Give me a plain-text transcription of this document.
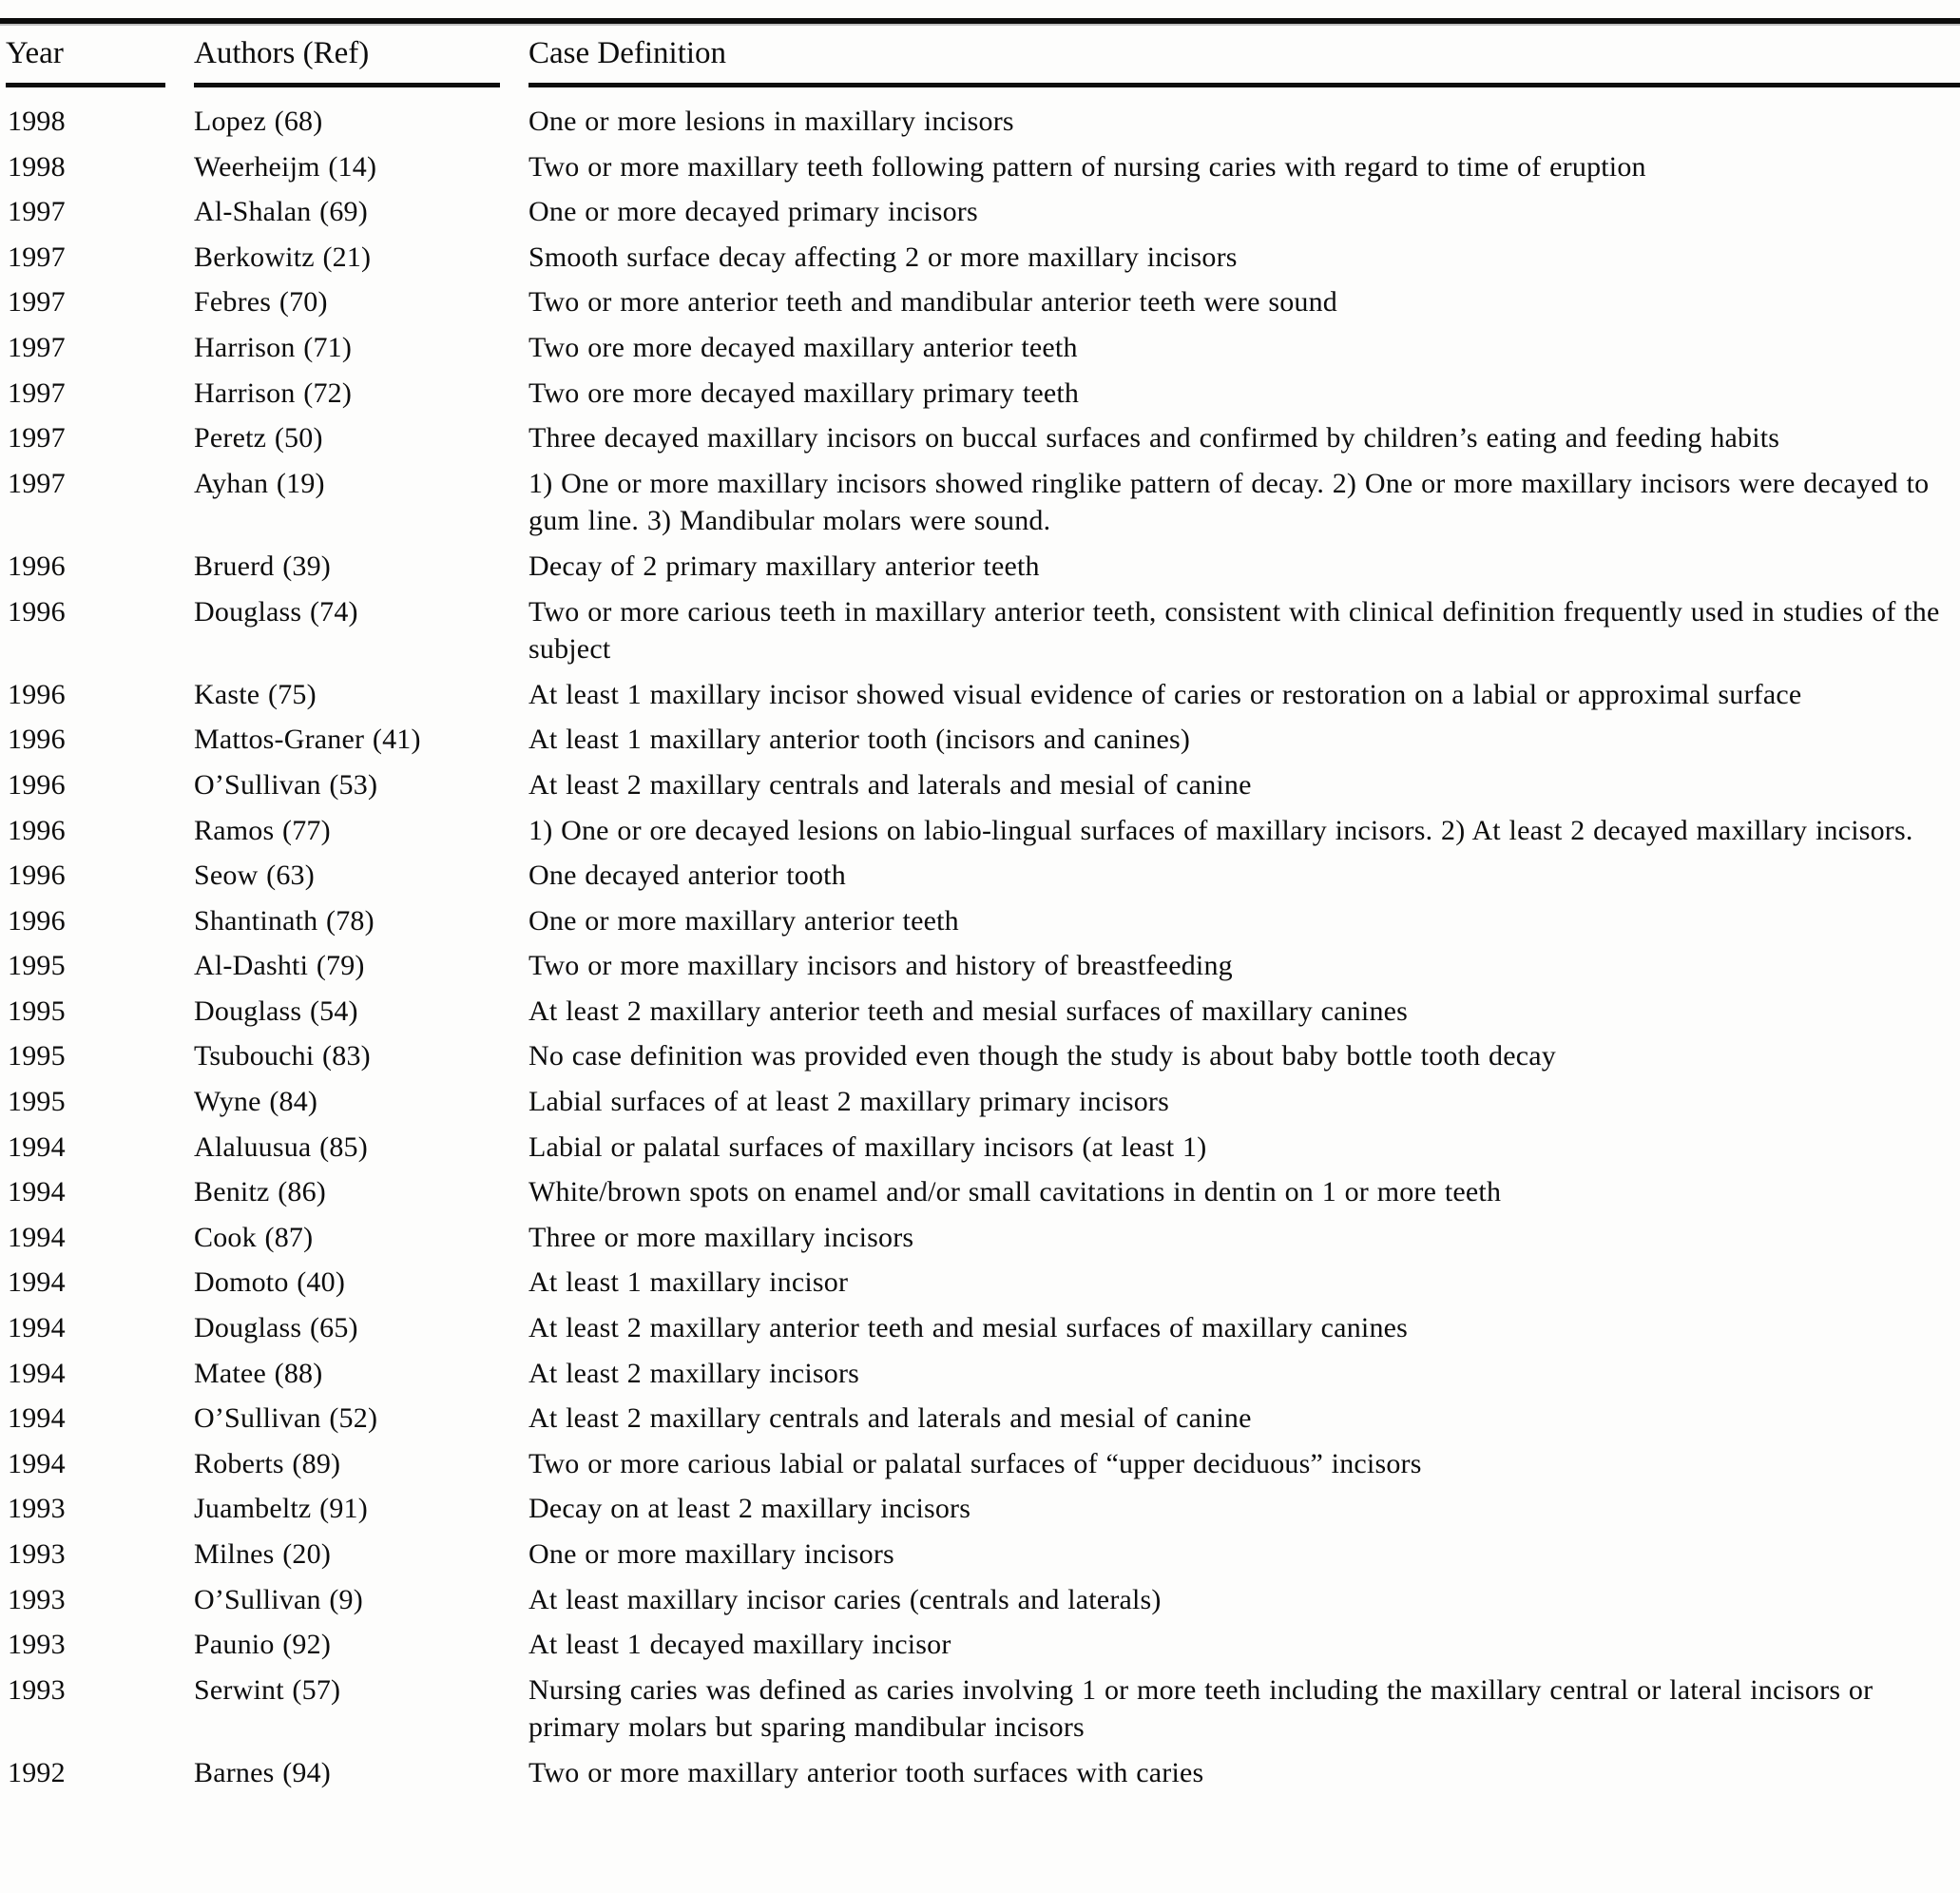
Year	Authors (Ref)	Case Definition

1998	Lopez (68)	One or more lesions in maxillary incisors
1998	Weerheijm (14)	Two or more maxillary teeth following pattern of nursing caries with regard to time of eruption
1997	Al-Shalan (69)	One or more decayed primary incisors
1997	Berkowitz (21)	Smooth surface decay affecting 2 or more maxillary incisors
1997	Febres (70)	Two or more anterior teeth and mandibular anterior teeth were sound
1997	Harrison (71)	Two ore more decayed maxillary anterior teeth
1997	Harrison (72)	Two ore more decayed maxillary primary teeth
1997	Peretz (50)	Three decayed maxillary incisors on buccal surfaces and confirmed by children’s eating and feeding habits
1997	Ayhan (19)	1) One or more maxillary incisors showed ringlike pattern of decay. 2) One or more maxillary incisors were decayed to gum line. 3) Mandibular molars were sound.
1996	Bruerd (39)	Decay of 2 primary maxillary anterior teeth
1996	Douglass (74)	Two or more carious teeth in maxillary anterior teeth, consistent with clinical definition frequently used in studies of the subject
1996	Kaste (75)	At least 1 maxillary incisor showed visual evidence of caries or restoration on a labial or approximal surface
1996	Mattos-Graner (41)	At least 1 maxillary anterior tooth (incisors and canines)
1996	O’Sullivan (53)	At least 2 maxillary centrals and laterals and mesial of canine
1996	Ramos (77)	1) One or ore decayed lesions on labio-lingual surfaces of maxillary incisors. 2) At least 2 decayed maxillary incisors.
1996	Seow (63)	One decayed anterior tooth
1996	Shantinath (78)	One or more maxillary anterior teeth
1995	Al-Dashti (79)	Two or more maxillary incisors and history of breastfeeding
1995	Douglass (54)	At least 2 maxillary anterior teeth and mesial surfaces of maxillary canines
1995	Tsubouchi (83)	No case definition was provided even though the study is about baby bottle tooth decay
1995	Wyne (84)	Labial surfaces of at least 2 maxillary primary incisors
1994	Alaluusua (85)	Labial or palatal surfaces of maxillary incisors (at least 1)
1994	Benitz (86)	White/brown spots on enamel and/or small cavitations in dentin on 1 or more teeth
1994	Cook (87)	Three or more maxillary incisors
1994	Domoto (40)	At least 1 maxillary incisor
1994	Douglass (65)	At least 2 maxillary anterior teeth and mesial surfaces of maxillary canines
1994	Matee (88)	At least 2 maxillary incisors
1994	O’Sullivan (52)	At least 2 maxillary centrals and laterals and mesial of canine
1994	Roberts (89)	Two or more carious labial or palatal surfaces of “upper deciduous” incisors
1993	Juambeltz (91)	Decay on at least 2 maxillary incisors
1993	Milnes (20)	One or more maxillary incisors
1993	O’Sullivan (9)	At least maxillary incisor caries (centrals and laterals)
1993	Paunio (92)	At least 1 decayed maxillary incisor
1993	Serwint (57)	Nursing caries was defined as caries involving 1 or more teeth including the maxillary central or lateral incisors or primary molars but sparing mandibular incisors
1992	Barnes (94)	Two or more maxillary anterior tooth surfaces with caries
